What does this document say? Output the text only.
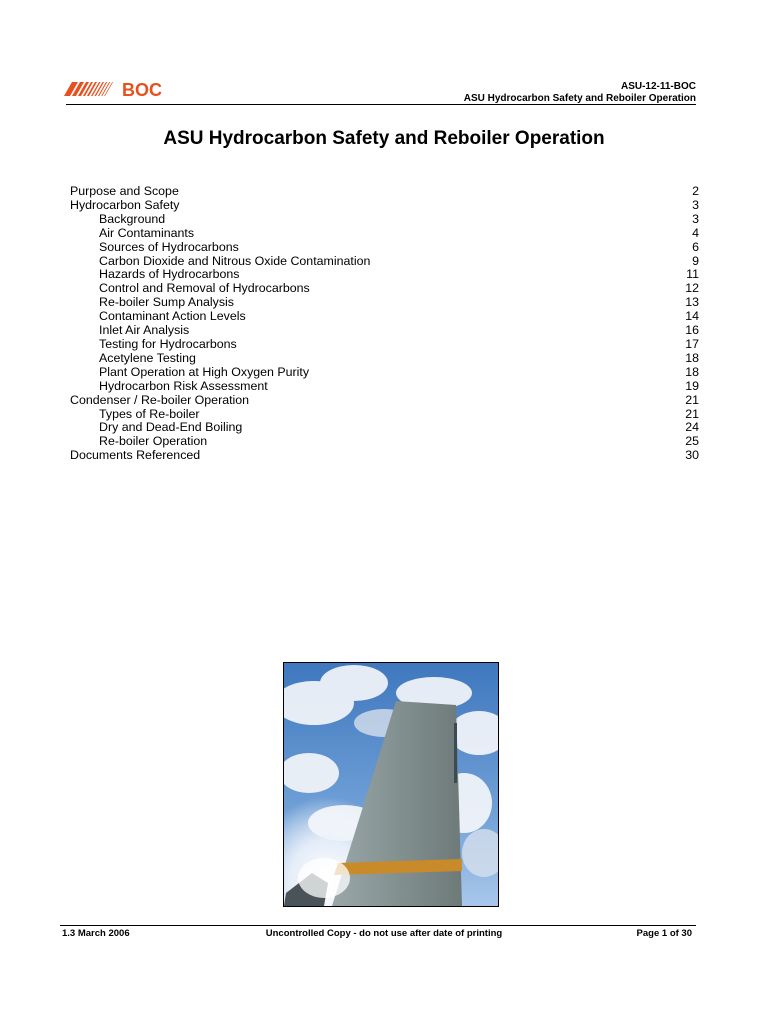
BOC	ASU-12-11-BOC
ASU Hydrocarbon Safety and Reboiler Operation
ASU Hydrocarbon Safety and Reboiler Operation
Purpose and Scope	2
Hydrocarbon Safety	3
Background	3
Air Contaminants	4
Sources of Hydrocarbons	6
Carbon Dioxide and Nitrous Oxide Contamination	9
Hazards of Hydrocarbons	11
Control and Removal of Hydrocarbons	12
Re-boiler Sump Analysis	13
Contaminant Action Levels	14
Inlet Air Analysis	16
Testing for Hydrocarbons	17
Acetylene Testing	18
Plant Operation at High Oxygen Purity	18
Hydrocarbon Risk Assessment	19
Condenser / Re-boiler Operation	21
Types of Re-boiler	21
Dry and Dead-End Boiling	24
Re-boiler Operation	25
Documents Referenced	30
1.3 March 2006	Uncontrolled Copy - do not use after date of printing	Page 1 of 30
